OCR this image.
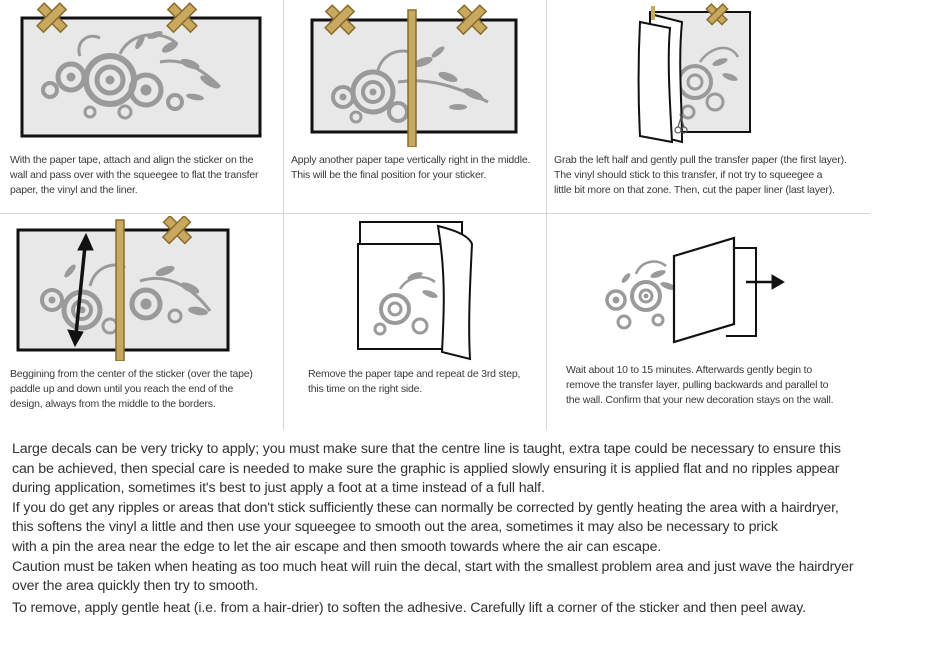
With the paper tape, attach and align the sticker on the
wall and pass over with the squeegee to flat the transfer
paper, the vinyl and the liner.
Apply another paper tape vertically right in the middle.
This will be the final position for your sticker.
Grab the left half and gently pull the transfer paper (the first layer).
The vinyl should stick to this transfer, if not try to squeegee a
little bit more on that zone. Then, cut the paper liner (last layer).
Beggining from the center of the sticker (over the tape)
paddle up and down until you reach the end of the
design, always from the middle to the borders.
Remove the paper tape and repeat de 3rd step,
this time on the right side.
Wait about 10 to 15 minutes. Afterwards gently begin to
remove the transfer layer, pulling backwards and parallel to
the wall. Confirm that your new decoration stays on the wall.

Large decals can be very tricky to apply; you must make sure that the centre line is taught, extra tape could be necessary to ensure this

can be achieved, then special care is needed to make sure the graphic is applied slowly ensuring it is applied flat and no ripples appear

during application, sometimes it's best to just apply a foot at a time instead of a full half.

If you do get any ripples or areas that don't stick sufficiently these can normally be corrected by gently heating the area with a hairdryer,

this softens the vinyl a little and then use your squeegee to smooth out the area, sometimes it may also be necessary to prick

with a pin the area near the edge to let the air escape and then smooth towards where the air can escape.

Caution must be taken when heating as too much heat will ruin the decal, start with the smallest problem area and just wave the hairdryer

over the area quickly then try to smooth.

To remove, apply gentle heat (i.e. from a hair-drier) to soften the adhesive. Carefully lift a corner of the sticker and then peel away.
